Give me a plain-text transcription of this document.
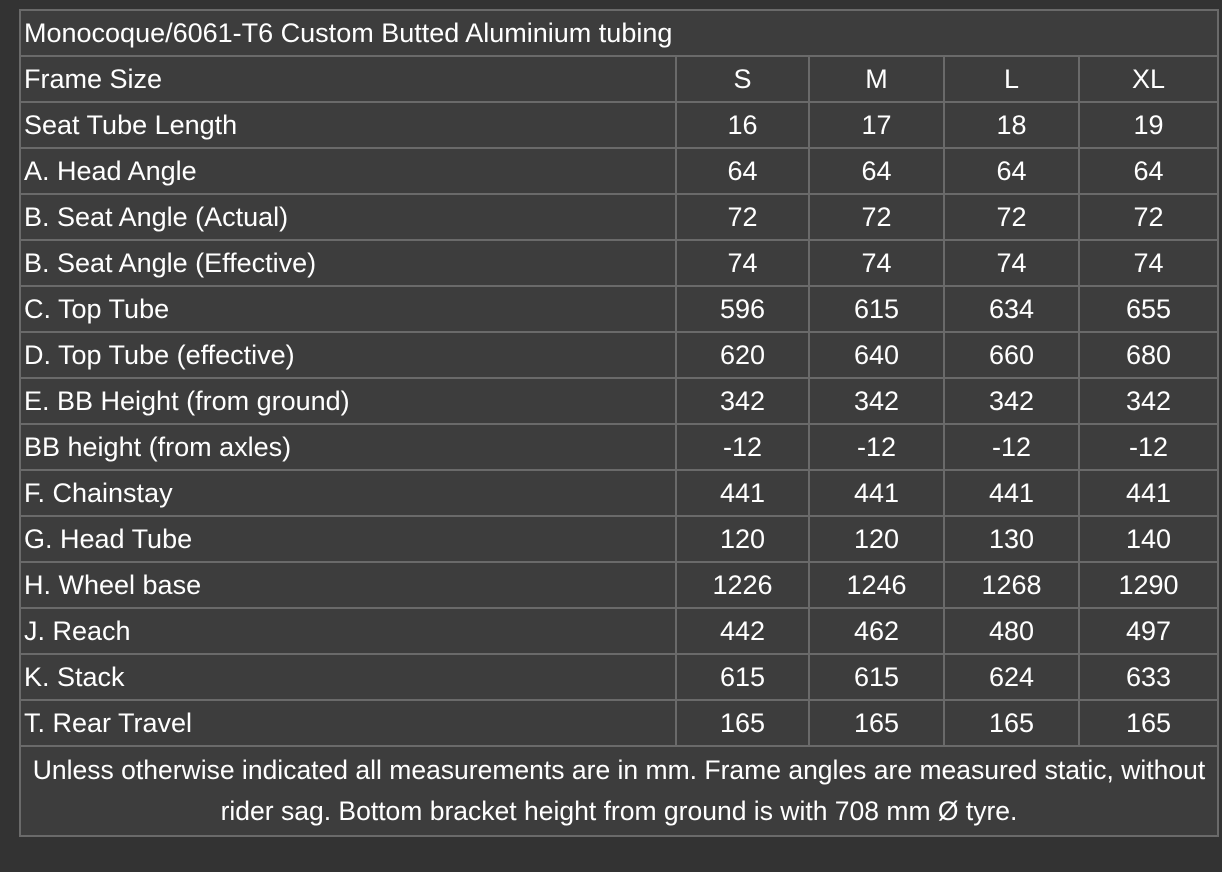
Monocoque/6061-T6 Custom Butted Aluminium tubing				
Frame Size	S	M	L	XL
Seat Tube Length	16	17	18	19
A. Head Angle	64	64	64	64
B. Seat Angle (Actual)	72	72	72	72
B. Seat Angle (Effective)	74	74	74	74
C. Top Tube	596	615	634	655
D. Top Tube (effective)	620	640	660	680
E. BB Height (from ground)	342	342	342	342
BB height (from axles)	-12	-12	-12	-12
F. Chainstay	441	441	441	441
G. Head Tube	120	120	130	140
H. Wheel base	1226	1246	1268	1290
J. Reach	442	462	480	497
K. Stack	615	615	624	633
T. Rear Travel	165	165	165	165
Unless otherwise indicated all measurements are in mm. Frame angles are measured static, without rider sag. Bottom bracket height from ground is with 708 mm Ø tyre.				
